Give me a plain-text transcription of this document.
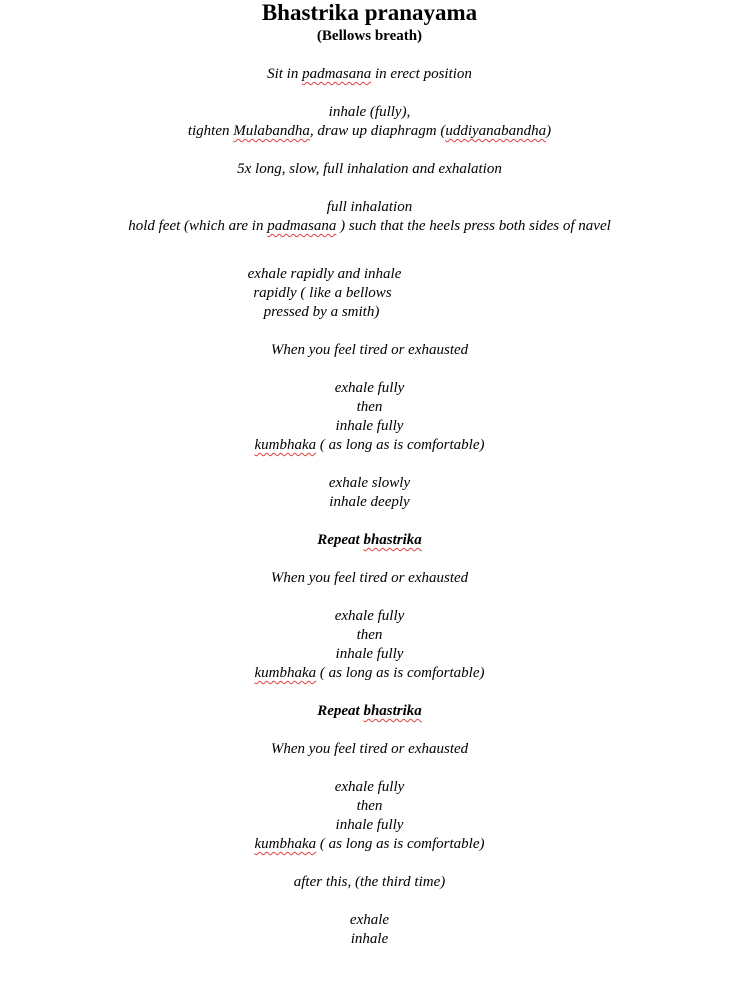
Bhastrika pranayama
(Bellows breath)
Sit in padmasana in erect position
inhale (fully),
tighten Mulabandha, draw up diaphragm (uddiyanabandha)
5x long, slow, full inhalation and exhalation
full inhalation
hold feet (which are in padmasana ) such that the heels press both sides of navel
exhale rapidly and inhale
rapidly ( like a bellows
pressed by a smith)
When you feel tired or exhausted
exhale fully
then
inhale fully
kumbhaka ( as long as is comfortable)
exhale slowly
inhale deeply
Repeat bhastrika
When you feel tired or exhausted
exhale fully
then
inhale fully
kumbhaka ( as long as is comfortable)
Repeat bhastrika
When you feel tired or exhausted
exhale fully
then
inhale fully
kumbhaka ( as long as is comfortable)
after this, (the third time)
exhale
inhale
